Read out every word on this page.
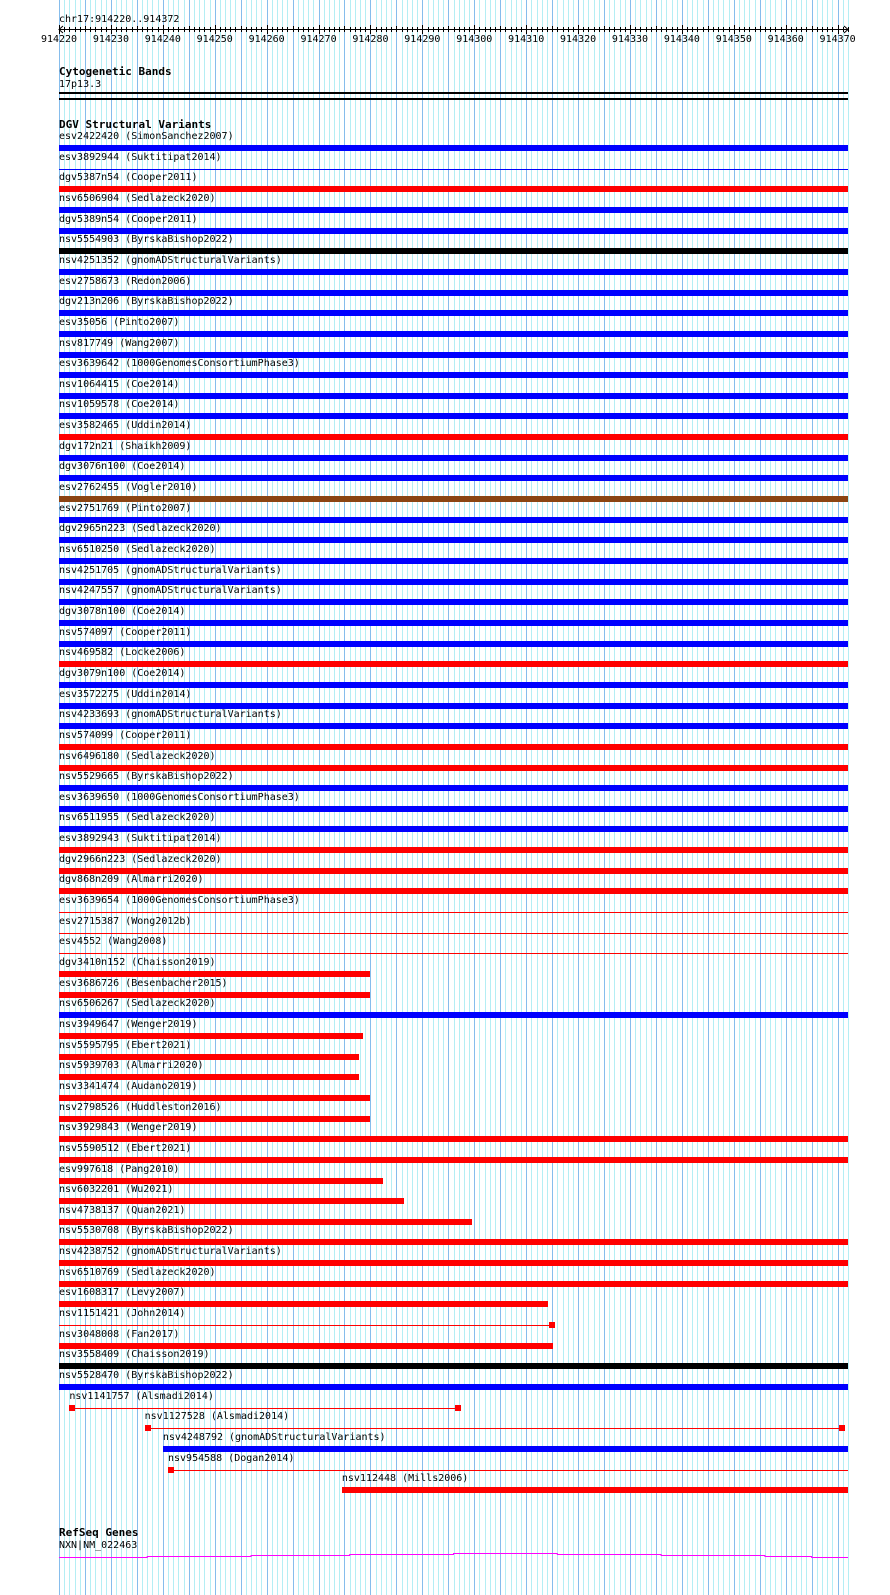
chr17:914220..914372
914220 914230 914240 914250 914260 914270 914280 914290 914300 914310 914320 914330 914340 914350 914360 914370
Cytogenetic Bands
17p13.3
DGV Structural Variants
esv2422420 (SimonSanchez2007)
esv3892944 (Suktitipat2014)
dgv5387n54 (Cooper2011)
nsv6506904 (Sedlazeck2020)
dgv5389n54 (Cooper2011)
nsv5554903 (ByrskaBishop2022)
nsv4251352 (gnomADStructuralVariants)
esv2758673 (Redon2006)
dgv213n206 (ByrskaBishop2022)
esv35056 (Pinto2007)
nsv817749 (Wang2007)
esv3639642 (1000GenomesConsortiumPhase3)
nsv1064415 (Coe2014)
nsv1059578 (Coe2014)
esv3582465 (Uddin2014)
dgv172n21 (Shaikh2009)
dgv3076n100 (Coe2014)
esv2762455 (Vogler2010)
esv2751769 (Pinto2007)
dgv2965n223 (Sedlazeck2020)
nsv6510250 (Sedlazeck2020)
nsv4251705 (gnomADStructuralVariants)
nsv4247557 (gnomADStructuralVariants)
dgv3078n100 (Coe2014)
nsv574097 (Cooper2011)
nsv469582 (Locke2006)
dgv3079n100 (Coe2014)
esv3572275 (Uddin2014)
nsv4233693 (gnomADStructuralVariants)
nsv574099 (Cooper2011)
nsv6496180 (Sedlazeck2020)
nsv5529665 (ByrskaBishop2022)
esv3639650 (1000GenomesConsortiumPhase3)
nsv6511955 (Sedlazeck2020)
esv3892943 (Suktitipat2014)
dgv2966n223 (Sedlazeck2020)
dgv868n209 (Almarri2020)
esv3639654 (1000GenomesConsortiumPhase3)
esv2715387 (Wong2012b)
esv4552 (Wang2008)
dgv3410n152 (Chaisson2019)
esv3686726 (Besenbacher2015)
nsv6506267 (Sedlazeck2020)
nsv3949647 (Wenger2019)
nsv5595795 (Ebert2021)
nsv5939703 (Almarri2020)
nsv3341474 (Audano2019)
nsv2798526 (Huddleston2016)
nsv3929843 (Wenger2019)
nsv5590512 (Ebert2021)
esv997618 (Pang2010)
nsv6032201 (Wu2021)
nsv4738137 (Quan2021)
nsv5530708 (ByrskaBishop2022)
nsv4238752 (gnomADStructuralVariants)
nsv6510769 (Sedlazeck2020)
esv1608317 (Levy2007)
nsv1151421 (John2014)
nsv3048008 (Fan2017)
nsv3558409 (Chaisson2019)
nsv5528470 (ByrskaBishop2022)
nsv1141757 (Alsmadi2014)
nsv1127528 (Alsmadi2014)
nsv4248792 (gnomADStructuralVariants)
nsv954588 (Dogan2014)
nsv112448 (Mills2006)
RefSeq Genes
NXN|NM_022463
